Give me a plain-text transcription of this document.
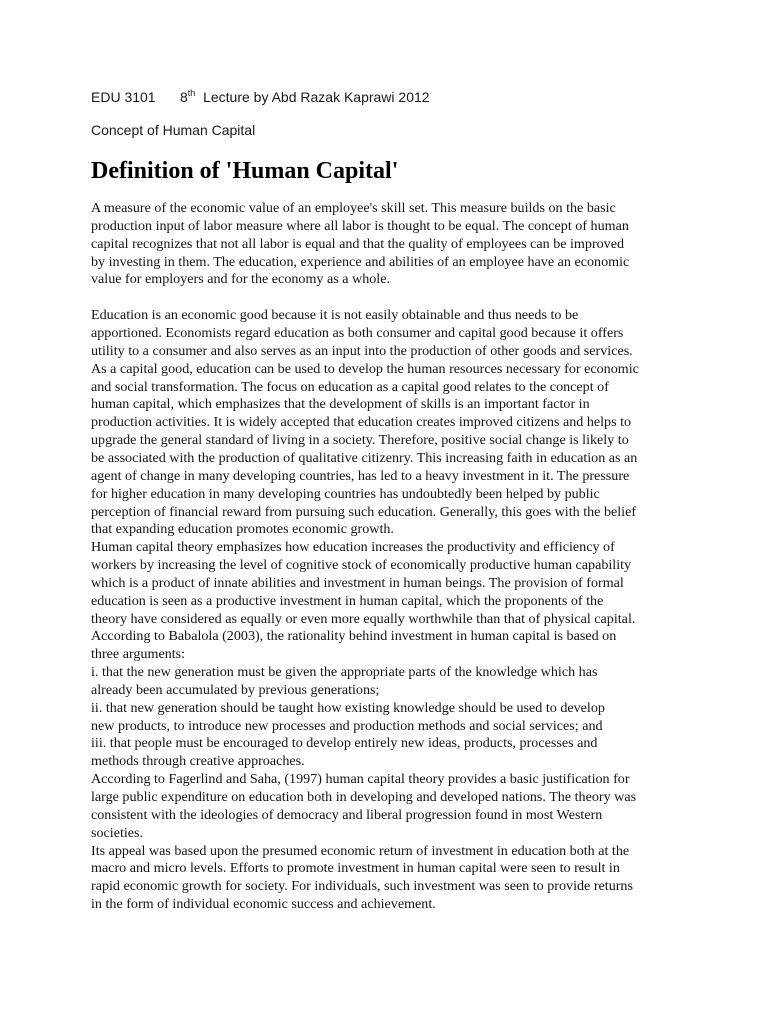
EDU 3101 8th  Lecture by Abd Razak Kaprawi 2012
Concept of Human Capital
Definition of 'Human Capital'
A measure of the economic value of an employee's skill set. This measure builds on the basic
production input of labor measure where all labor is thought to be equal. The concept of human
capital recognizes that not all labor is equal and that the quality of employees can be improved
by investing in them. The education, experience and abilities of an employee have an economic
value for employers and for the economy as a whole.
Education is an economic good because it is not easily obtainable and thus needs to be
apportioned. Economists regard education as both consumer and capital good because it offers
utility to a consumer and also serves as an input into the production of other goods and services.
As a capital good, education can be used to develop the human resources necessary for economic
and social transformation. The focus on education as a capital good relates to the concept of
human capital, which emphasizes that the development of skills is an important factor in
production activities. It is widely accepted that education creates improved citizens and helps to
upgrade the general standard of living in a society. Therefore, positive social change is likely to
be associated with the production of qualitative citizenry. This increasing faith in education as an
agent of change in many developing countries, has led to a heavy investment in it. The pressure
for higher education in many developing countries has undoubtedly been helped by public
perception of financial reward from pursuing such education. Generally, this goes with the belief
that expanding education promotes economic growth.
Human capital theory emphasizes how education increases the productivity and efficiency of
workers by increasing the level of cognitive stock of economically productive human capability
which is a product of innate abilities and investment in human beings. The provision of formal
education is seen as a productive investment in human capital, which the proponents of the
theory have considered as equally or even more equally worthwhile than that of physical capital.
According to Babalola (2003), the rationality behind investment in human capital is based on
three arguments:
i. that the new generation must be given the appropriate parts of the knowledge which has
already been accumulated by previous generations;
ii. that new generation should be taught how existing knowledge should be used to develop
new products, to introduce new processes and production methods and social services; and
iii. that people must be encouraged to develop entirely new ideas, products, processes and
methods through creative approaches.
According to Fagerlind and Saha, (1997) human capital theory provides a basic justification for
large public expenditure on education both in developing and developed nations. The theory was
consistent with the ideologies of democracy and liberal progression found in most Western
societies.
Its appeal was based upon the presumed economic return of investment in education both at the
macro and micro levels. Efforts to promote investment in human capital were seen to result in
rapid economic growth for society. For individuals, such investment was seen to provide returns
in the form of individual economic success and achievement.
